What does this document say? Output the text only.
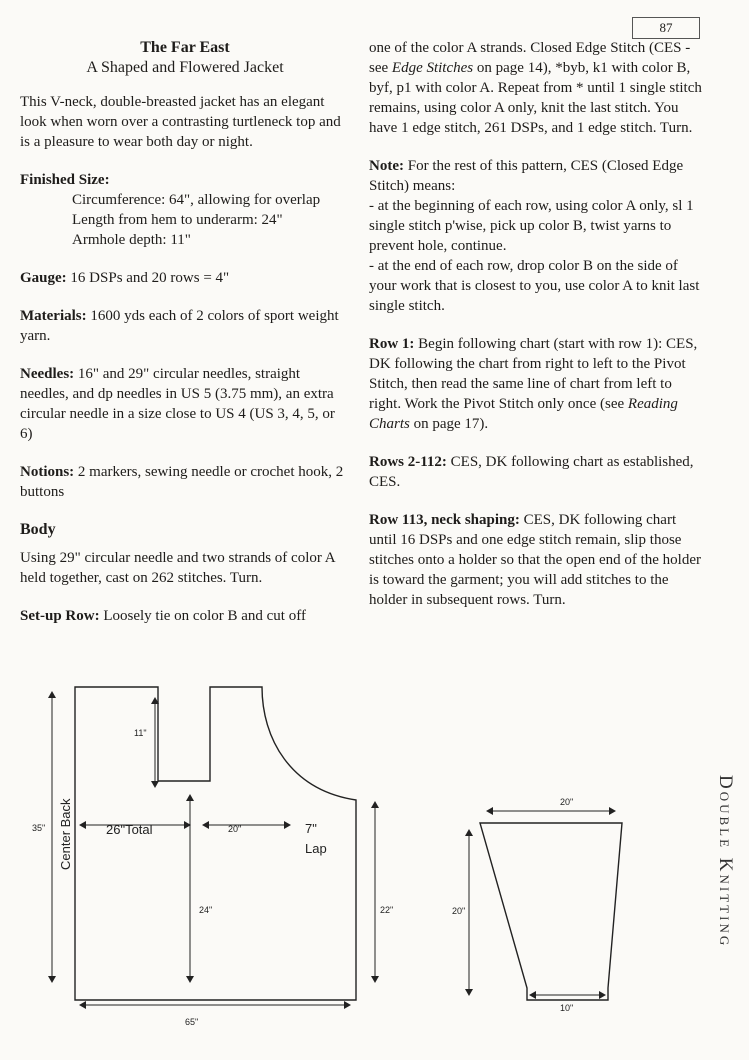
87

The Far East

A Shaped and Flowered Jacket

This V-neck, double-breasted jacket has an elegant look when worn over a contrasting turtleneck top and is a pleasure to wear both day or night.

Finished Size:
Circumference: 64", allowing for overlap
Length from hem to underarm: 24"
Armhole depth: 11"

Gauge: 16 DSPs and 20 rows = 4"

Materials: 1600 yds each of 2 colors of sport weight yarn.

Needles: 16" and 29" circular needles, straight needles, and dp needles in US 5 (3.75 mm), an extra circular needle in a size close to US 4 (US 3, 4, 5, or 6)

Notions: 2 markers, sewing needle or crochet hook, 2 buttons

Body

Using 29" circular needle and two strands of color A held together, cast on 262 stitches. Turn.

Set-up Row: Loosely tie on color B and cut off

one of the color A strands. Closed Edge Stitch (CES - see Edge Stitches on page 14), *byb, k1 with color B, byf, p1 with color A. Repeat from * until 1 single stitch remains, using color A only, knit the last stitch. You have 1 edge stitch, 261 DSPs, and 1 edge stitch. Turn.

Note: For the rest of this pattern, CES (Closed Edge Stitch) means:
- at the beginning of each row, using color A only, sl 1 single stitch p'wise, pick up color B, twist yarns to prevent hole, continue.
- at the end of each row, drop color B on the side of your work that is closest to you, use color A to knit last single stitch.

Row 1: Begin following chart (start with row 1): CES, DK following the chart from right to left to the Pivot Stitch, then read the same line of chart from left to right. Work the Pivot Stitch only once (see Reading Charts on page 17).

Rows 2-112: CES, DK following chart as established, CES.

Row 113, neck shaping: CES, DK following chart until 16 DSPs and one edge stitch remain, slip those stitches onto a holder so that the open end of the holder is toward the garment; you will add stitches to the holder in subsequent rows. Turn.

Double Knitting
35" Center Back
11"
26"Total	20"	7"
Lap
24"	22"
65"
20"
20"
10"
